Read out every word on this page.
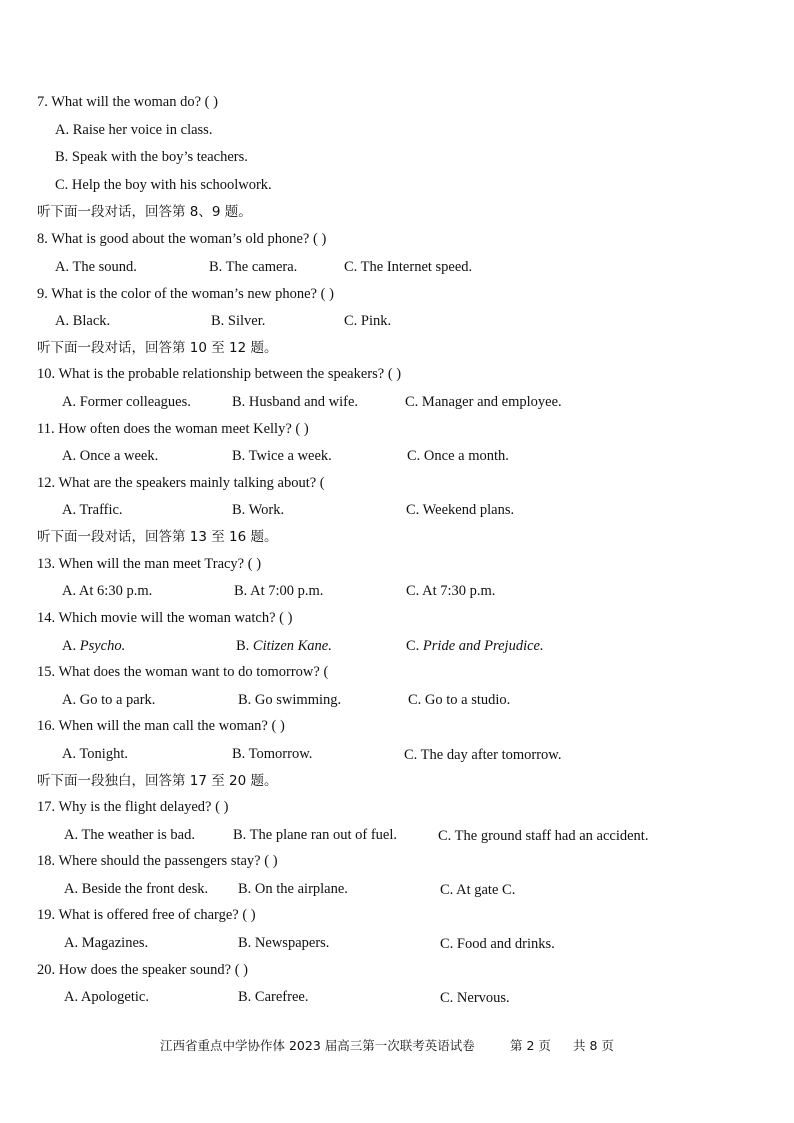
7. What will the woman do? ( )
A. Raise her voice in class.
B. Speak with the boy’s teachers.
C. Help the boy with his schoolwork.
听下面一段对话，回答第 8、9 题。
8. What is good about the woman’s old phone? ( )
A. The sound.	B. The camera.	C. The Internet speed.
9. What is the color of the woman’s new phone? ( )
A. Black.	B. Silver.	C. Pink.
听下面一段对话，回答第 10 至 12 题。
10. What is the probable relationship between the speakers? ( )
A. Former colleagues.	B. Husband and wife.	C. Manager and employee.
11. How often does the woman meet Kelly? ( )
A. Once a week.	B. Twice a week.	C. Once a month.
12. What are the speakers mainly talking about? (
A. Traffic.	B. Work.	C. Weekend plans.
听下面一段对话，回答第 13 至 16 题。
13. When will the man meet Tracy? ( )
A. At 6:30 p.m.	B. At 7:00 p.m.	C. At 7:30 p.m.
14. Which movie will the woman watch? ( )
A. Psycho.	B. Citizen Kane.	C. Pride and Prejudice.
15. What does the woman want to do tomorrow? (
A. Go to a park.	B. Go swimming.	C. Go to a studio.
16. When will the man call the woman? ( )
A. Tonight.	B. Tomorrow.	C. The day after tomorrow.
听下面一段独白，回答第 17 至 20 题。
17. Why is the flight delayed? ( )
A. The weather is bad.	B. The plane ran out of fuel.	C. The ground staff had an accident.
18. Where should the passengers stay? ( )
A. Beside the front desk. B. On the airplane.	C. At gate C.
19. What is offered free of charge? ( )
A. Magazines.	B. Newspapers.	C. Food and drinks.
20. How does the speaker sound? ( )
A. Apologetic.	B. Carefree.	C. Nervous.
江西省重点中学协作体 2023 届高三第一次联考英语试卷	第 2 页 共 8 页
